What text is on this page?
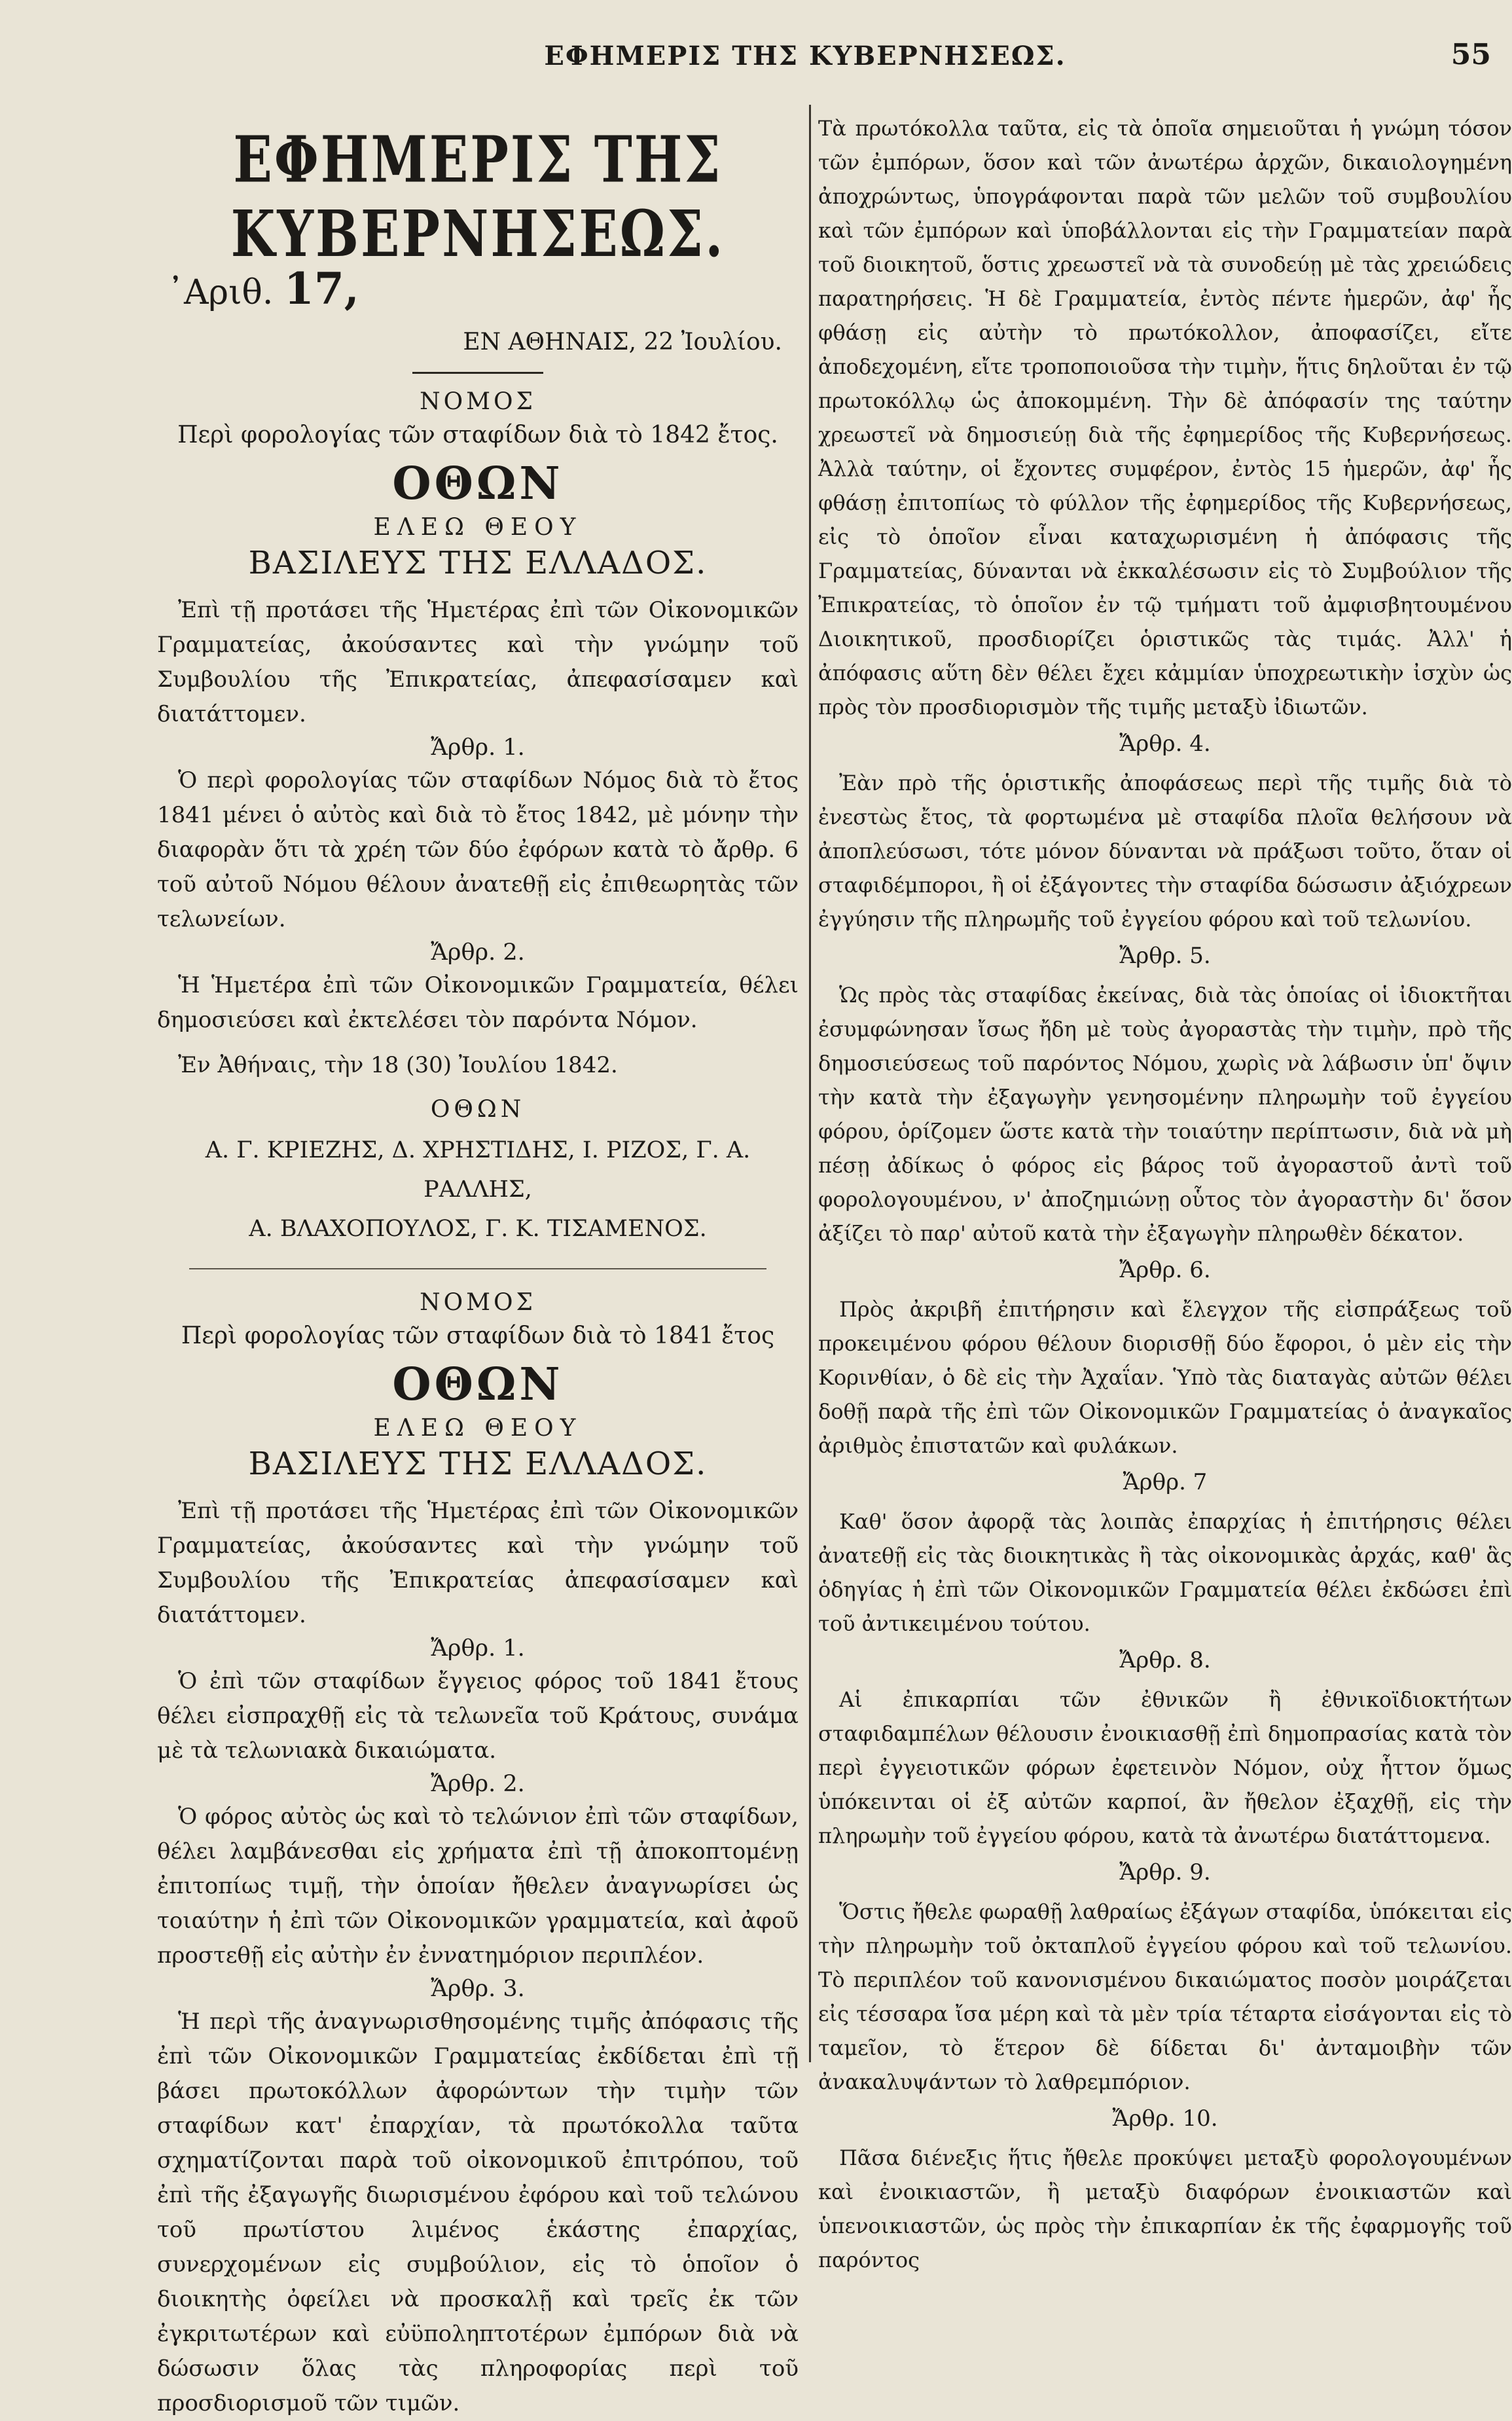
ΕΦΗΜΕΡΙΣ ΤΗΣ ΚΥΒΕΡΝΗΣΕΩΣ.	55
ΕΦΗΜΕΡΙΣ ΤΗΣ ΚΥΒΕΡΝΗΣΕΩΣ.
᾿Αριθ. 17,
ΕΝ ΑΘΗΝΑΙΣ, 22 Ἰουλίου.
ΝΟΜΟΣ
Περὶ φορολογίας τῶν σταφίδων διὰ τὸ 1842 ἔτος.
ΟΘΩΝ
ΕΛΕΩ ΘΕΟΥ
ΒΑΣΙΛΕΥΣ ΤΗΣ ΕΛΛΑΔΟΣ.

Ἐπὶ τῇ προτάσει τῆς Ἡμετέρας ἐπὶ τῶν Οἰκονομικῶν Γραμματείας, ἀκούσαντες καὶ τὴν γνώμην τοῦ Συμβουλίου τῆς Ἐπικρατείας, ἀπεφασίσαμεν καὶ διατάττομεν.

Ἄρθρ. 1.

Ὁ περὶ φορολογίας τῶν σταφίδων Νόμος διὰ τὸ ἔτος 1841 μένει ὁ αὐτὸς καὶ διὰ τὸ ἔτος 1842, μὲ μόνην τὴν διαφορὰν ὅτι τὰ χρέη τῶν δύο ἐφόρων κατὰ τὸ ἄρθρ. 6 τοῦ αὐτοῦ Νόμου θέλουν ἀνατεθῇ εἰς ἐπιθεωρητὰς τῶν τελωνείων.

Ἄρθρ. 2.

Ἡ Ἡμετέρα ἐπὶ τῶν Οἰκονομικῶν Γραμματεία, θέλει δημοσιεύσει καὶ ἐκτελέσει τὸν παρόντα Νόμον.

Ἐν Ἀθήναις, τὴν 18 (30) Ἰουλίου 1842.

ΟΘΩΝ

Α. Γ. ΚΡΙΕΖΗΣ, Δ. ΧΡΗΣΤΙΔΗΣ, Ι. ΡΙΖΟΣ, Γ. Α. ΡΑΛΛΗΣ,

Α. ΒΛΑΧΟΠΟΥΛΟΣ, Γ. Κ. ΤΙΣΑΜΕΝΟΣ.

ΝΟΜΟΣ
Περὶ φορολογίας τῶν σταφίδων διὰ τὸ 1841 ἔτος
ΟΘΩΝ
ΕΛΕΩ ΘΕΟΥ
ΒΑΣΙΛΕΥΣ ΤΗΣ ΕΛΛΑΔΟΣ.

Ἐπὶ τῇ προτάσει τῆς Ἡμετέρας ἐπὶ τῶν Οἰκονομικῶν Γραμματείας, ἀκούσαντες καὶ τὴν γνώμην τοῦ Συμβουλίου τῆς Ἐπικρατείας ἀπεφασίσαμεν καὶ διατάττομεν.

Ἄρθρ. 1.

Ὁ ἐπὶ τῶν σταφίδων ἔγγειος φόρος τοῦ 1841 ἔτους θέλει εἰσπραχθῇ εἰς τὰ τελωνεῖα τοῦ Κράτους, συνάμα μὲ τὰ τελωνιακὰ δικαιώματα.

Ἄρθρ. 2.

Ὁ φόρος αὐτὸς ὡς καὶ τὸ τελώνιον ἐπὶ τῶν σταφίδων, θέλει λαμβάνεσθαι εἰς χρήματα ἐπὶ τῇ ἀποκοπτομένῃ ἐπιτοπίως τιμῇ, τὴν ὁποίαν ἤθελεν ἀναγνωρίσει ὡς τοιαύτην ἡ ἐπὶ τῶν Οἰκονομικῶν γραμματεία, καὶ ἀφοῦ προστεθῇ εἰς αὐτὴν ἐν ἐννατημόριον περιπλέον.

Ἄρθρ. 3.

Ἡ περὶ τῆς ἀναγνωρισθησομένης τιμῆς ἀπόφασις τῆς ἐπὶ τῶν Οἰκονομικῶν Γραμματείας ἐκδίδεται ἐπὶ τῇ βάσει πρωτοκόλλων ἀφορώντων τὴν τιμὴν τῶν σταφίδων κατ' ἐπαρχίαν, τὰ πρωτόκολλα ταῦτα σχηματίζονται παρὰ τοῦ οἰκονομικοῦ ἐπιτρόπου, τοῦ ἐπὶ τῆς ἐξαγωγῆς διωρισμένου ἐφόρου καὶ τοῦ τελώνου τοῦ πρωτίστου λιμένος ἑκάστης ἐπαρχίας, συνερχομένων εἰς συμβούλιον, εἰς τὸ ὁποῖον ὁ διοικητὴς ὀφείλει νὰ προσκαλῇ καὶ τρεῖς ἐκ τῶν ἐγκριτωτέρων καὶ εὐϋποληπτοτέρων ἐμπόρων διὰ νὰ δώσωσιν ὅλας τὰς πληροφορίας περὶ τοῦ προσδιορισμοῦ τῶν τιμῶν.

Τὰ πρωτόκολλα ταῦτα, εἰς τὰ ὁποῖα σημειοῦται ἡ γνώμη τόσον τῶν ἐμπόρων, ὅσον καὶ τῶν ἀνωτέρω ἀρχῶν, δικαιολογημένη ἀποχρώντως, ὑπογράφονται παρὰ τῶν μελῶν τοῦ συμβουλίου καὶ τῶν ἐμπόρων καὶ ὑποβάλλονται εἰς τὴν Γραμματείαν παρὰ τοῦ διοικητοῦ, ὅστις χρεωστεῖ νὰ τὰ συνοδεύῃ μὲ τὰς χρειώδεις παρατηρήσεις. Ἡ δὲ Γραμματεία, ἐντὸς πέντε ἡμερῶν, ἀφ' ἧς φθάσῃ εἰς αὐτὴν τὸ πρωτόκολλον, ἀποφασίζει, εἴτε ἀποδεχομένη, εἴτε τροποποιοῦσα τὴν τιμὴν, ἥτις δηλοῦται ἐν τῷ πρωτοκόλλῳ ὡς ἀποκομμένη. Τὴν δὲ ἀπόφασίν της ταύτην χρεωστεῖ νὰ δημοσιεύῃ διὰ τῆς ἐφημερίδος τῆς Κυβερνήσεως. Ἀλλὰ ταύτην, οἱ ἔχοντες συμφέρον, ἐντὸς 15 ἡμερῶν, ἀφ' ἧς φθάσῃ ἐπιτοπίως τὸ φύλλον τῆς ἐφημερίδος τῆς Κυβερνήσεως, εἰς τὸ ὁποῖον εἶναι καταχωρισμένη ἡ ἀπόφασις τῆς Γραμματείας, δύνανται νὰ ἐκκαλέσωσιν εἰς τὸ Συμβούλιον τῆς Ἐπικρατείας, τὸ ὁποῖον ἐν τῷ τμήματι τοῦ ἀμφισβητουμένου Διοικητικοῦ, προσδιορίζει ὁριστικῶς τὰς τιμάς. Ἀλλ' ἡ ἀπόφασις αὕτη δὲν θέλει ἔχει κἀμμίαν ὑποχρεωτικὴν ἰσχὺν ὡς πρὸς τὸν προσδιορισμὸν τῆς τιμῆς μεταξὺ ἰδιωτῶν.

Ἄρθρ. 4.

Ἐὰν πρὸ τῆς ὁριστικῆς ἀποφάσεως περὶ τῆς τιμῆς διὰ τὸ ἐνεστὼς ἔτος, τὰ φορτωμένα μὲ σταφίδα πλοῖα θελήσουν νὰ ἀποπλεύσωσι, τότε μόνον δύνανται νὰ πράξωσι τοῦτο, ὅταν οἱ σταφιδέμποροι, ἢ οἱ ἐξάγοντες τὴν σταφίδα δώσωσιν ἀξιόχρεων ἐγγύησιν τῆς πληρωμῆς τοῦ ἐγγείου φόρου καὶ τοῦ τελωνίου.

Ἄρθρ. 5.

Ὡς πρὸς τὰς σταφίδας ἐκείνας, διὰ τὰς ὁποίας οἱ ἰδιοκτῆται ἐσυμφώνησαν ἴσως ἤδη μὲ τοὺς ἀγοραστὰς τὴν τιμὴν, πρὸ τῆς δημοσιεύσεως τοῦ παρόντος Νόμου, χωρὶς νὰ λάβωσιν ὑπ' ὄψιν τὴν κατὰ τὴν ἐξαγωγὴν γενησομένην πληρωμὴν τοῦ ἐγγείου φόρου, ὁρίζομεν ὥστε κατὰ τὴν τοιαύτην περίπτωσιν, διὰ νὰ μὴ πέσῃ ἀδίκως ὁ φόρος εἰς βάρος τοῦ ἀγοραστοῦ ἀντὶ τοῦ φορολογουμένου, ν' ἀποζημιώνῃ οὗτος τὸν ἀγοραστὴν δι' ὅσον ἀξίζει τὸ παρ' αὐτοῦ κατὰ τὴν ἐξαγωγὴν πληρωθὲν δέκατον.

Ἄρθρ. 6.

Πρὸς ἀκριβῆ ἐπιτήρησιν καὶ ἔλεγχον τῆς εἰσπράξεως τοῦ προκειμένου φόρου θέλουν διορισθῇ δύο ἔφοροι, ὁ μὲν εἰς τὴν Κορινθίαν, ὁ δὲ εἰς τὴν Ἀχαΐαν. Ὑπὸ τὰς διαταγὰς αὐτῶν θέλει δοθῇ παρὰ τῆς ἐπὶ τῶν Οἰκονομικῶν Γραμματείας ὁ ἀναγκαῖος ἀριθμὸς ἐπιστατῶν καὶ φυλάκων.

Ἄρθρ. 7

Καθ' ὅσον ἀφορᾷ τὰς λοιπὰς ἐπαρχίας ἡ ἐπιτήρησις θέλει ἀνατεθῇ εἰς τὰς διοικητικὰς ἢ τὰς οἰκονομικὰς ἀρχάς, καθ' ἃς ὁδηγίας ἡ ἐπὶ τῶν Οἰκονομικῶν Γραμματεία θέλει ἐκδώσει ἐπὶ τοῦ ἀντικειμένου τούτου.

Ἄρθρ. 8.

Αἱ ἐπικαρπίαι τῶν ἐθνικῶν ἢ ἐθνικοϊδιοκτήτων σταφιδαμπέλων θέλουσιν ἐνοικιασθῇ ἐπὶ δημοπρασίας κατὰ τὸν περὶ ἐγγειοτικῶν φόρων ἐφετεινὸν Νόμον, οὐχ ἧττον ὅμως ὑπόκεινται οἱ ἐξ αὐτῶν καρποί, ἂν ἤθελον ἐξαχθῇ, εἰς τὴν πληρωμὴν τοῦ ἐγγείου φόρου, κατὰ τὰ ἀνωτέρω διατάττομενα.

Ἄρθρ. 9.

Ὅστις ἤθελε φωραθῇ λαθραίως ἐξάγων σταφίδα, ὑπόκειται εἰς τὴν πληρωμὴν τοῦ ὀκταπλοῦ ἐγγείου φόρου καὶ τοῦ τελωνίου. Τὸ περιπλέον τοῦ κανονισμένου δικαιώματος ποσὸν μοιράζεται εἰς τέσσαρα ἴσα μέρη καὶ τὰ μὲν τρία τέταρτα εἰσάγονται εἰς τὸ ταμεῖον, τὸ ἕτερον δὲ δίδεται δι' ἀνταμοιβὴν τῶν ἀνακαλυψάντων τὸ λαθρεμπόριον.

Ἄρθρ. 10.

Πᾶσα διένεξις ἥτις ἤθελε προκύψει μεταξὺ φορολογουμένων καὶ ἐνοικιαστῶν, ἢ μεταξὺ διαφόρων ἐνοικιαστῶν καὶ ὑπενοικιαστῶν, ὡς πρὸς τὴν ἐπικαρπίαν ἐκ τῆς ἐφαρμογῆς τοῦ παρόντος
